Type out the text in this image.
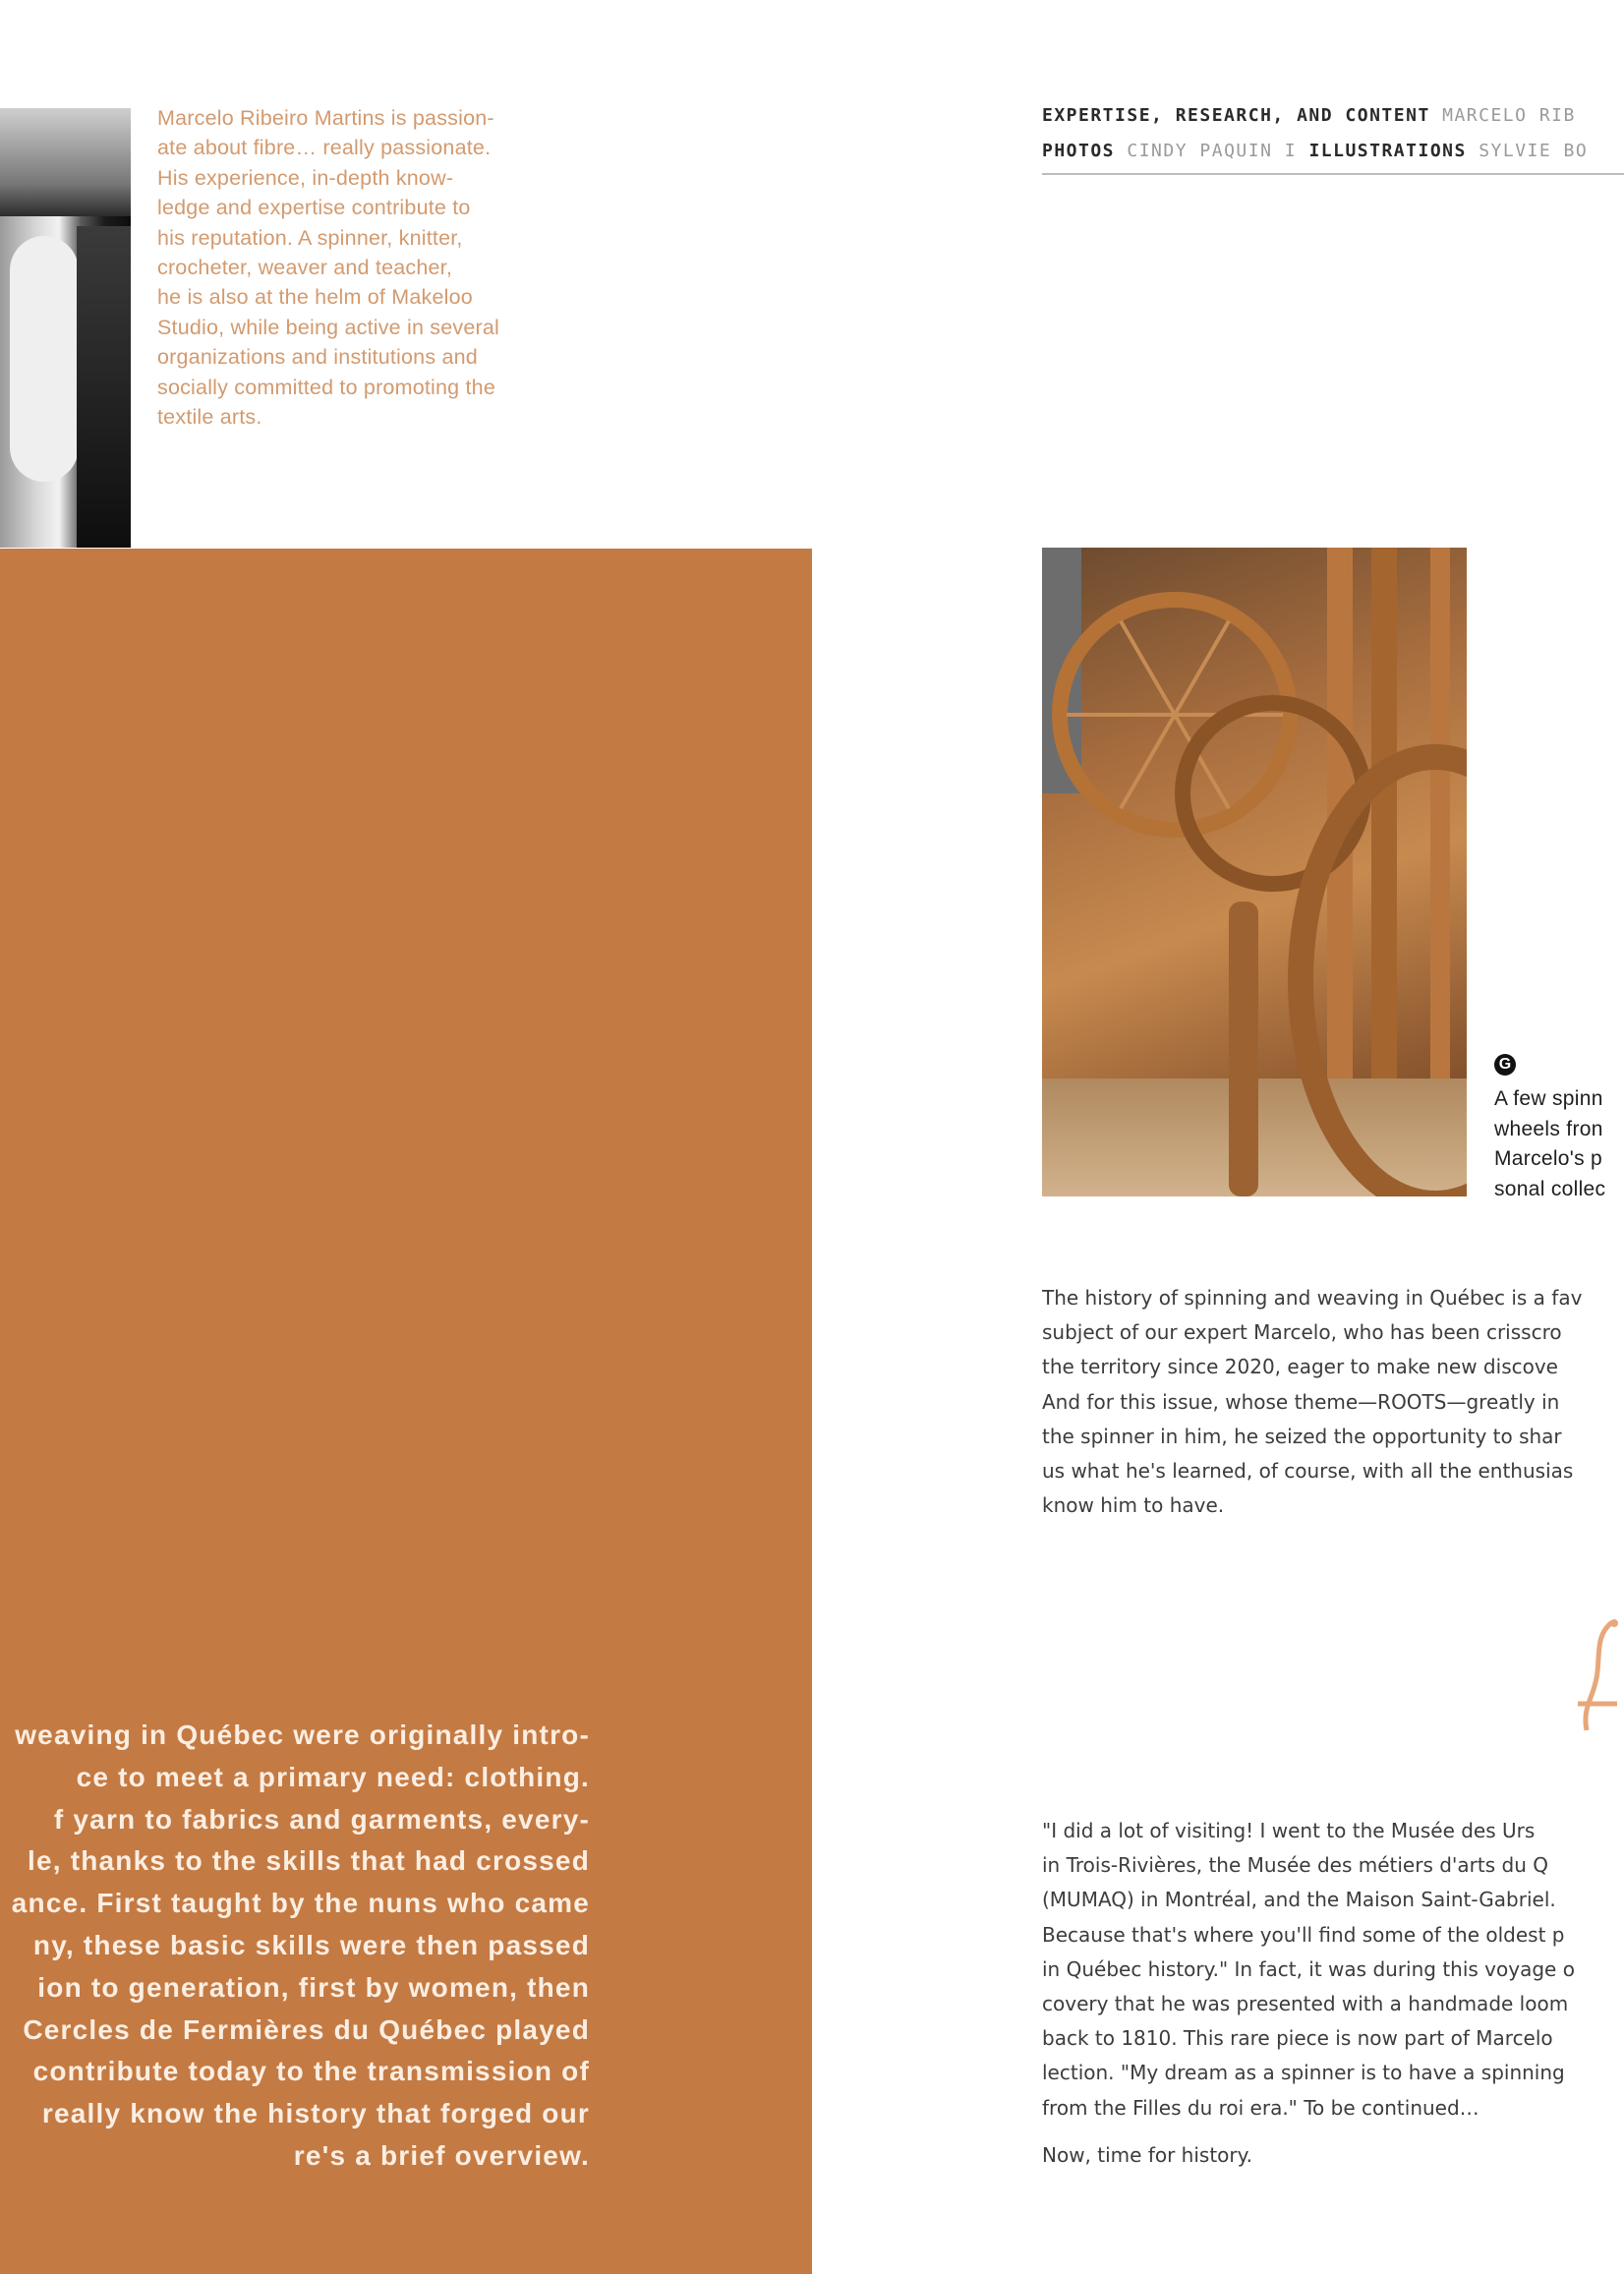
Marcelo Ribeiro Martins is passion-
ate about fibre… really passionate.
His experience, in-depth know-
ledge and expertise contribute to
his reputation. A spinner, knitter,
crocheter, weaver and teacher,
he is also at the helm of Makeloo
Studio, while being active in several
organizations and institutions and
socially committed to promoting the
textile arts.
weaving in Québec were originally intro-
ce to meet a primary need: clothing.
f yarn to fabrics and garments, every-
le, thanks to the skills that had crossed
ance. First taught by the nuns who came
ny, these basic skills were then passed
ion to generation, first by women, then
Cercles de Fermières du Québec played
contribute today to the transmission of
really know the history that forged our
re's a brief overview.
EXPERTISE, RESEARCH, AND CONTENT MARCELO RIB
PHOTOS CINDY PAQUIN I ILLUSTRATIONS SYLVIE BO
G
A few spinn
wheels fron
Marcelo's p
sonal collec
The history of spinning and weaving in Québec is a fav
subject of our expert Marcelo, who has been crisscro
the territory since 2020, eager to make new discove
And for this issue, whose theme—ROOTS—greatly in
the spinner in him, he seized the opportunity to shar
us what he's learned, of course, with all the enthusias
know him to have.
"I did a lot of visiting! I went to the Musée des Urs
in Trois-Rivières, the Musée des métiers d'arts du Q
(MUMAQ) in Montréal, and the Maison Saint-Gabriel.
Because that's where you'll find some of the oldest p
in Québec history." In fact, it was during this voyage o
covery that he was presented with a handmade loom
back to 1810. This rare piece is now part of Marcelo
lection. "My dream as a spinner is to have a spinning
from the Filles du roi era." To be continued…
Now, time for history.
